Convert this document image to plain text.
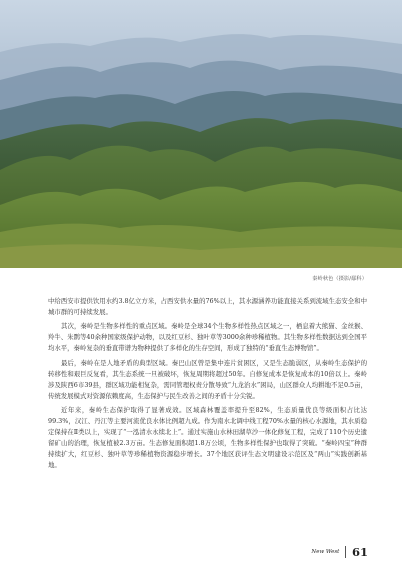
秦岭秋色（摄影/鄢科）

中给西安市提供饮用水约3.8亿立方米，占西安供水量的76%以上，其水源涵养功能直接关系到流域生态安全和中城市群的可持续发展。

其次，秦岭是生物多样性的重点区域。秦岭是全球34个生物多样性热点区域之一，栖息着大熊猫、金丝猴、羚牛、朱鹮等40余种国家级保护动物，以及红豆杉、独叶草等3000余种珍稀植物。其生物多样性数据达到全国平均水平，秦岭复杂的垂直带谱为物种提供了多样化的生存空间，形成了独特的“垂直生态博物馆”。

最后，秦岭在是人地矛盾的典型区域。秦巴山区曾是集中连片贫困区，又是生态脆弱区，从秦岭生态保护的转移性和艰巨反复看，其生态系统一旦被破坏，恢复周期将超过50年。自修复成本是恢复成本的10倍以上。秦岭涉及陕西6市39县，群区域功能相复杂，需同管理权责分散导致“九龙治水”困局，山区群众人均耕地不足0.5亩，传统发展模式对资源依赖度高，生态保护与民生改善之间的矛盾十分尖锐。

近年来，秦岭生态保护取得了显著成效。区域森林覆盖率提升至82%，生态质量优良等级面积占比达99.3%，汉江、丹江等主要河流优良水体比例超九成。作为南水北调中线工程70%水量的核心水源地，其水质稳定保持在Ⅱ类以上，实现了“一泓清水永续北上”。通过实施山水林田湖草沙一体化修复工程，完成了110个历史遗留矿山的治理，恢复植被2.3万亩。生态修复面积超1.8万公顷，生物多样性保护也取得了突破。“秦岭四宝”种群持续扩大，红豆杉、独叶草等珍稀植物资源稳步增长。37个地区获评生态文明建设示范区及“两山”实践创新基地。

New West 61
